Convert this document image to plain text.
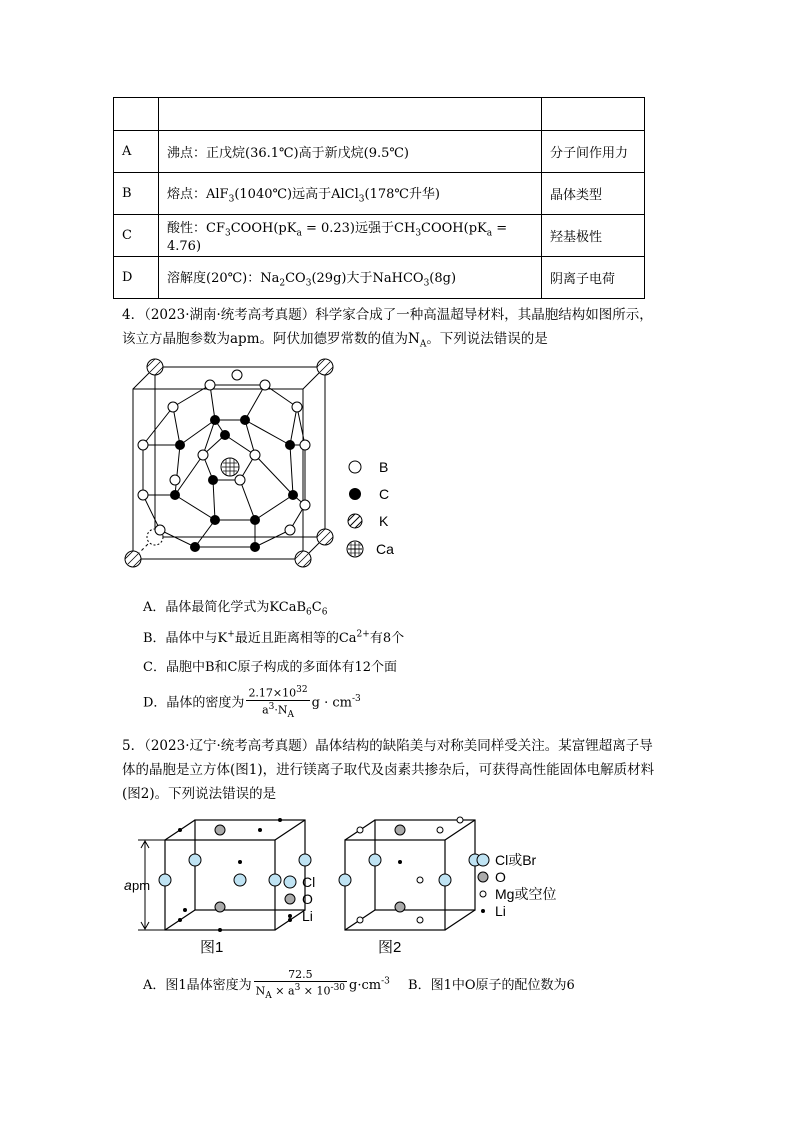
A	沸点：正戊烷(36.1℃)高于新戊烷(9.5℃)	分子间作用力
B	熔点：AlF$_3$(1040℃)远高于AlCl$_3$(178℃升华)	晶体类型
C	酸性：$CF_3COOH(pK_a = 0.23)$远强于$CH_3COOH(pK_a = 4.76)$	羟基极性
D	溶解度(20℃)：$Na_2CO_3(29g)$大于NaHCO$_3$(8g)	阴离子电荷
4．（2023·湖南·统考高考真题）科学家合成了一种高温超导材料，其晶胞结构如图所示，
该立方晶胞参数为apm。阿伏加德罗常数的值为$N_A$。下列说法错误的是
B
C
K
Ca
A．晶体最简化学式为$KCaB_6C_6$
B．晶体中与K+最近且距离相等的$Ca^{2+}$有8个
C．晶胞中B和C原子构成的多面体有12个面
D．晶体的密度为 $\frac{2.17\times 10^{32}}{a^3\cdot N_A}$ $g \cdot cm^{-3}$
5．（2023·辽宁·统考高考真题）晶体结构的缺陷美与对称美同样受关注。某富锂超离子导
体的晶胞是立方体(图1)，进行镁离子取代及卤素共掺杂后，可获得高性能固体电解质材料
(图2)。下列说法错误的是
a pm	Cl
O
Li
图1
Cl或Br
O
Mg或空位
Li
图2
A．图1晶体密度为 $\frac{72.5}{N_A \times a^3 \times 10^{-30}} g\cdot cm^{-3}$ B．图1中O原子的配位数为6
